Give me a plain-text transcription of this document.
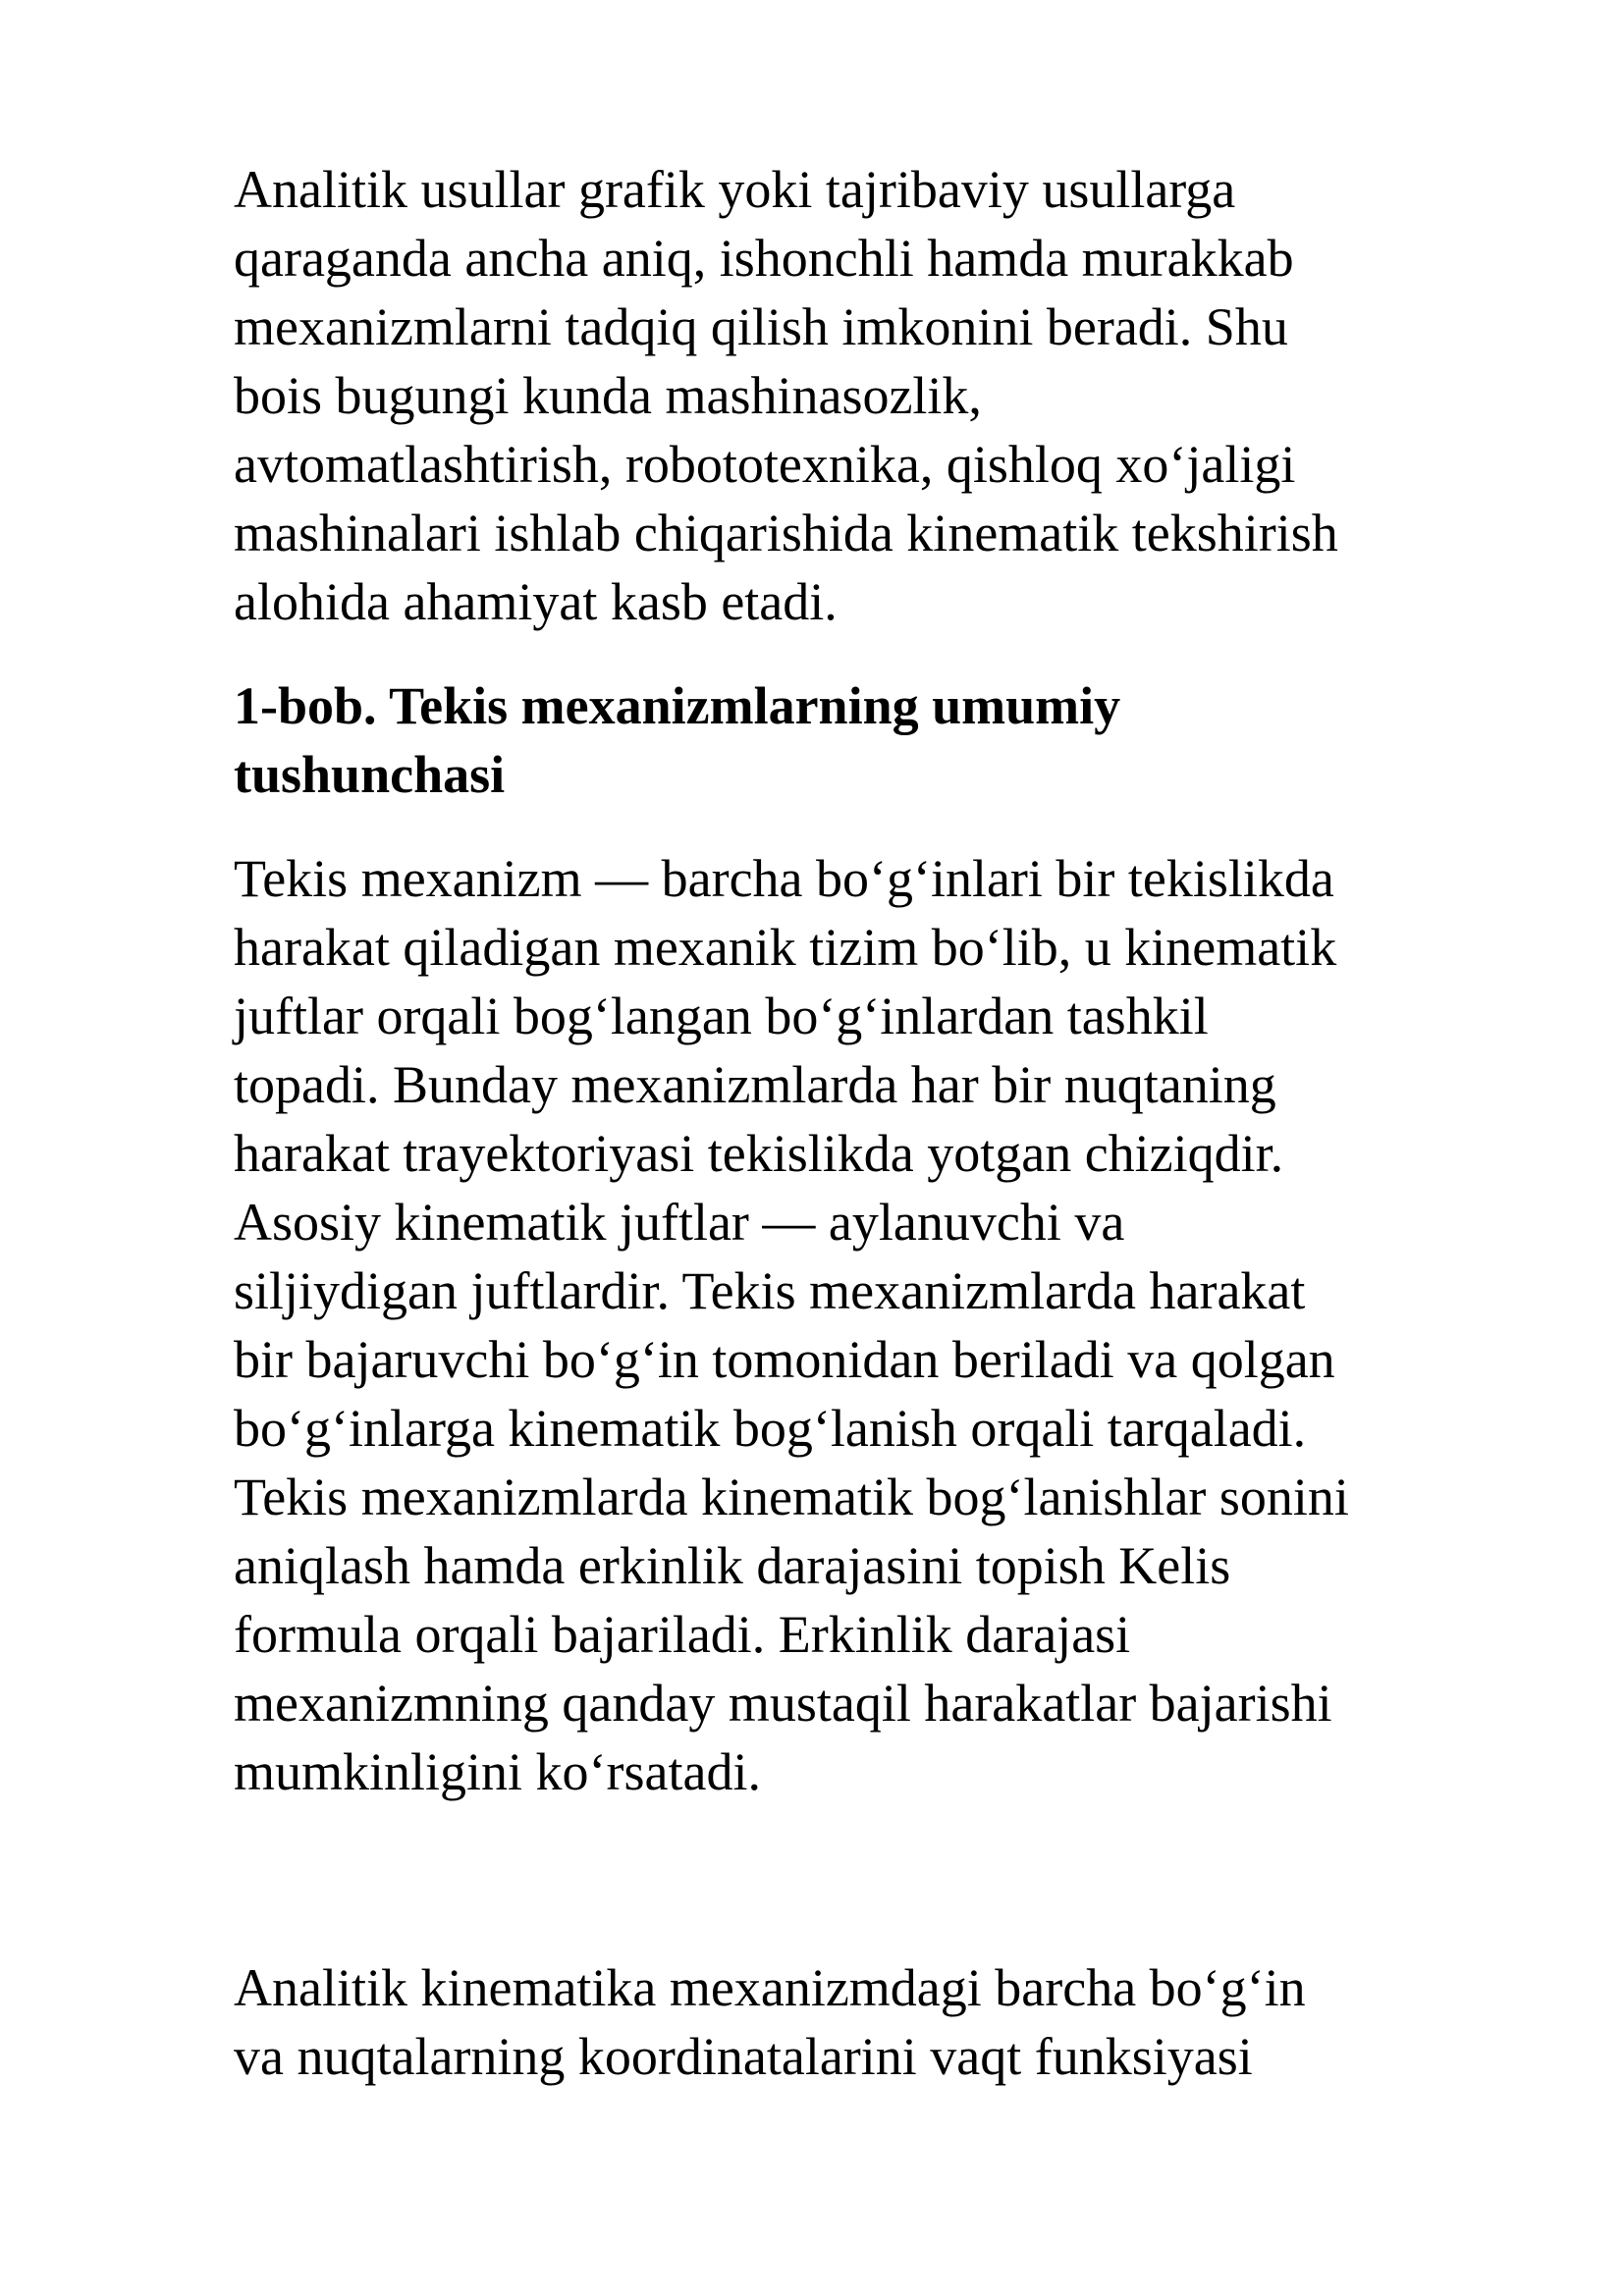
Analitik usullar grafik yoki tajribaviy usullarga
qaraganda ancha aniq, ishonchli hamda murakkab
mexanizmlarni tadqiq qilish imkonini beradi. Shu
bois bugungi kunda mashinasozlik,
avtomatlashtirish, robototexnika, qishloq xo‘jaligi
mashinalari ishlab chiqarishida kinematik tekshirish
alohida ahamiyat kasb etadi.

1-bob. Tekis mexanizmlarning umumiy
tushunchasi

Tekis mexanizm — barcha bo‘g‘inlari bir tekislikda
harakat qiladigan mexanik tizim bo‘lib, u kinematik
juftlar orqali bog‘langan bo‘g‘inlardan tashkil
topadi. Bunday mexanizmlarda har bir nuqtaning
harakat trayektoriyasi tekislikda yotgan chiziqdir.
Asosiy kinematik juftlar — aylanuvchi va
siljiydigan juftlardir. Tekis mexanizmlarda harakat
bir bajaruvchi bo‘g‘in tomonidan beriladi va qolgan
bo‘g‘inlarga kinematik bog‘lanish orqali tarqaladi.
Tekis mexanizmlarda kinematik bog‘lanishlar sonini
aniqlash hamda erkinlik darajasini topish Kelis
formula orqali bajariladi. Erkinlik darajasi
mexanizmning qanday mustaqil harakatlar bajarishi
mumkinligini ko‘rsatadi.

Analitik kinematika mexanizmdagi barcha bo‘g‘in
va nuqtalarning koordinatalarini vaqt funksiyasi
